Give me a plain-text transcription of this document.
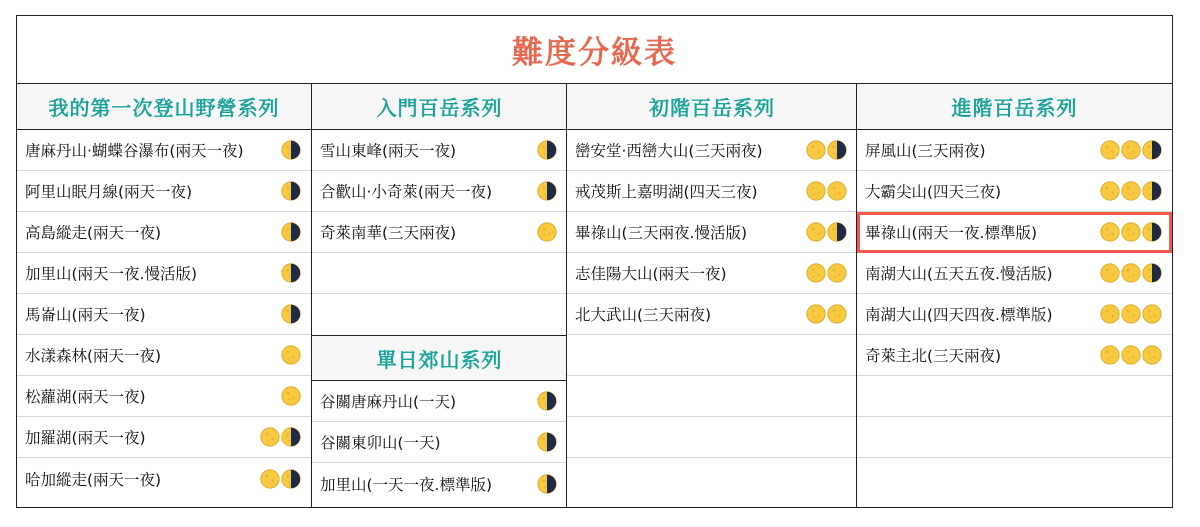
難度分級表
我的第一次登山野營系列
唐麻丹山·蝴蝶谷瀑布(兩天一夜)
阿里山眠月線(兩天一夜)
高島縱走(兩天一夜)
加里山(兩天一夜.慢活版)
馬崙山(兩天一夜)
水漾森林(兩天一夜)
松蘿湖(兩天一夜)
加羅湖(兩天一夜)
哈加縱走(兩天一夜)
入門百岳系列
雪山東峰(兩天一夜)
合歡山·小奇萊(兩天一夜)
奇萊南華(三天兩夜)
單日郊山系列
谷關唐麻丹山(一天)
谷關東卯山(一天)
加里山(一天一夜.標準版)
初階百岳系列
巒安堂·西巒大山(三天兩夜)
戒茂斯上嘉明湖(四天三夜)
畢祿山(三天兩夜.慢活版)
志佳陽大山(兩天一夜)
北大武山(三天兩夜)
進階百岳系列
屏風山(三天兩夜)
大霸尖山(四天三夜)
畢祿山(兩天一夜.標準版)
南湖大山(五天五夜.慢活版)
南湖大山(四天四夜.標準版)
奇萊主北(三天兩夜)
